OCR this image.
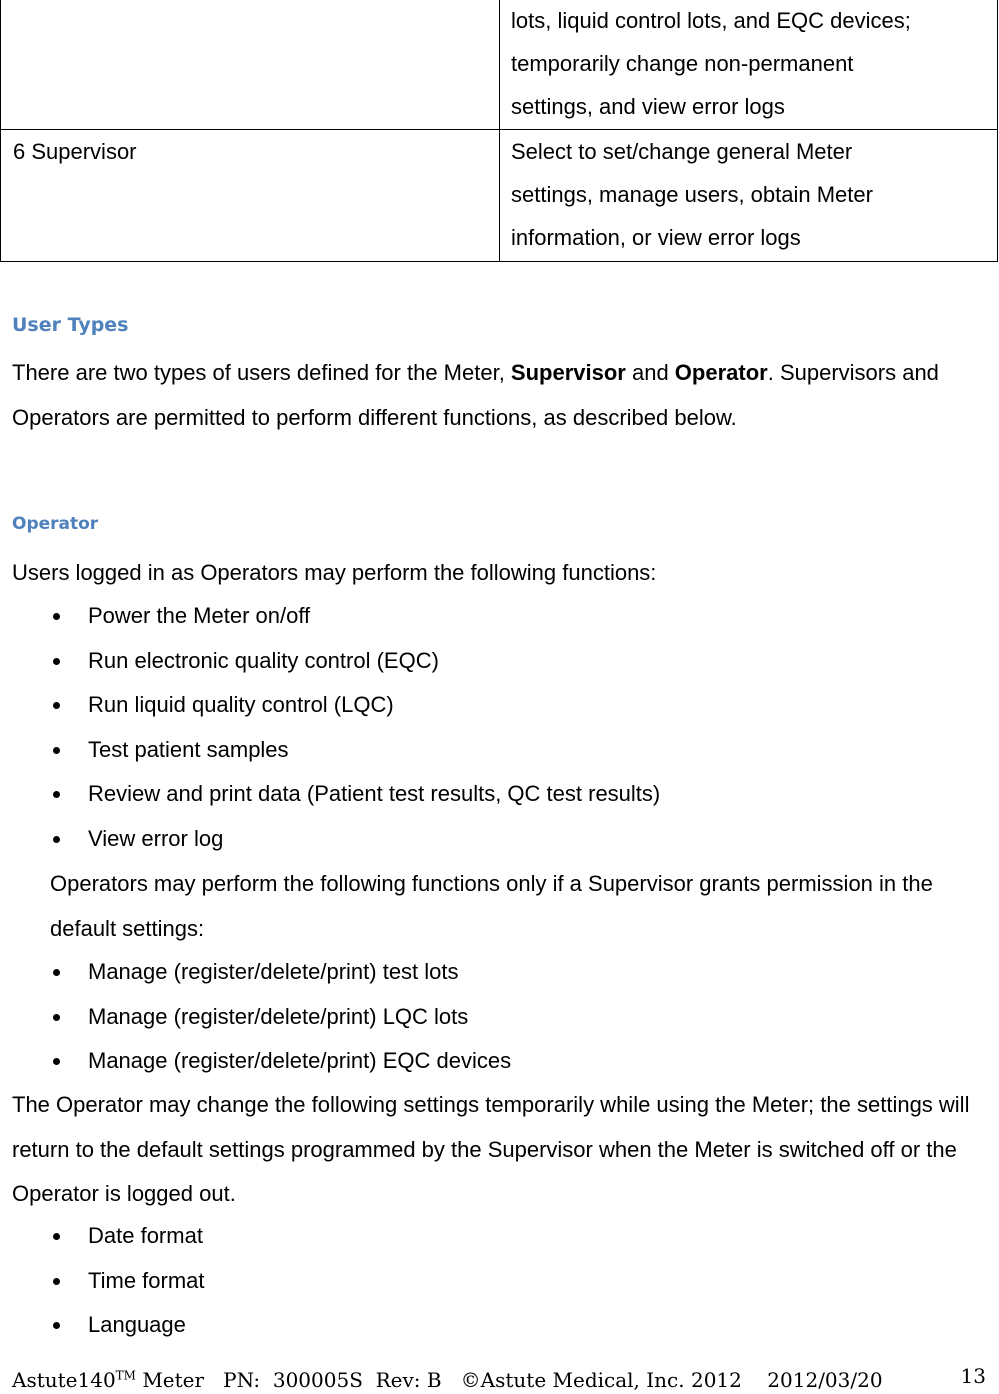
	lots, liquid control lots, and EQC devices;
temporarily change non-permanent
settings, and view error logs

6 Supervisor	Select to set/change general Meter
settings, manage users, obtain Meter
information, or view error logs
User Types

There are two types of users defined for the Meter, Supervisor and Operator. Supervisors and Operators are permitted to perform different functions, as described below.

Operator

Users logged in as Operators may perform the following functions:

Power the Meter on/off
Run electronic quality control (EQC)
Run liquid quality control (LQC)
Test patient samples
Review and print data (Patient test results, QC test results)
View error log

Operators may perform the following functions only if a Supervisor grants permission in the default settings:

Manage (register/delete/print) test lots
Manage (register/delete/print) LQC lots
Manage (register/delete/print) EQC devices

The Operator may change the following settings temporarily while using the Meter; the settings will return to the default settings programmed by the Supervisor when the Meter is switched off or the Operator is logged out.

Date format
Time format
Language
Astute140™ Meter   PN:  300005S  Rev: B   ©Astute Medical, Inc. 2012    2012/03/20	13
